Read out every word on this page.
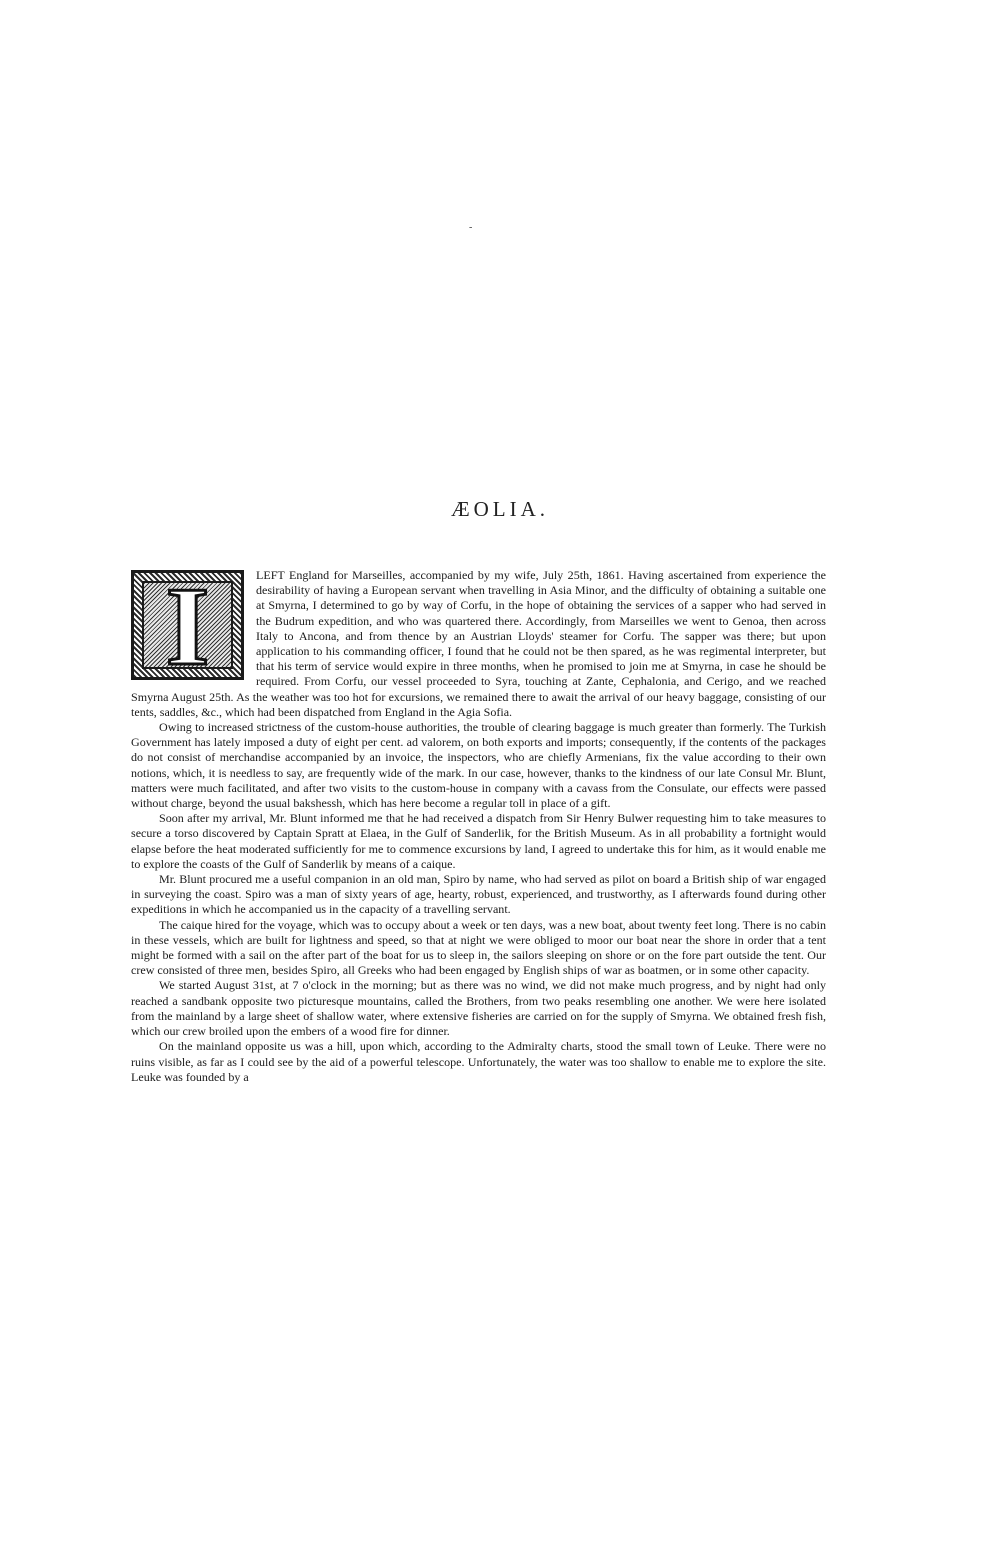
-
ÆOLIA.
I	LEFT England for Marseilles, accompanied by my wife, July 25th, 1861. Having ascertained from experience the desirability of having a European servant when travelling in Asia Minor, and the difficulty of obtaining a suitable one at Smyrna, I determined to go by way of Corfu, in the hope of obtaining the services of a sapper who had served in the Budrum expedition, and who was quartered there. Accordingly, from Marseilles we went to Genoa, then across Italy to Ancona, and from thence by an Austrian Lloyds' steamer for Corfu. The sapper was there; but upon application to his commanding officer, I found that he could not be then spared, as he was regimental interpreter, but that his term of service would expire in three months, when he promised to join me at Smyrna, in case he should be required. From Corfu, our vessel proceeded to Syra, touching at Zante, Cephalonia, and Cerigo, and we reached Smyrna August 25th. As the weather was too hot for excursions, we remained there to await the arrival of our heavy baggage, consisting of our tents, saddles, &c., which had been dispatched from England in the Agia Sofia.

Owing to increased strictness of the custom-house authorities, the trouble of clearing baggage is much greater than formerly. The Turkish Government has lately imposed a duty of eight per cent. ad valorem, on both exports and imports; consequently, if the contents of the packages do not consist of merchandise accompanied by an invoice, the inspectors, who are chiefly Armenians, fix the value according to their own notions, which, it is needless to say, are frequently wide of the mark. In our case, however, thanks to the kindness of our late Consul Mr. Blunt, matters were much facilitated, and after two visits to the custom-house in company with a cavass from the Consulate, our effects were passed without charge, beyond the usual bakshessh, which has here become a regular toll in place of a gift.

Soon after my arrival, Mr. Blunt informed me that he had received a dispatch from Sir Henry Bulwer requesting him to take measures to secure a torso discovered by Captain Spratt at Elaea, in the Gulf of Sanderlik, for the British Museum. As in all probability a fortnight would elapse before the heat moderated sufficiently for me to commence excursions by land, I agreed to undertake this for him, as it would enable me to explore the coasts of the Gulf of Sanderlik by means of a caique.

Mr. Blunt procured me a useful companion in an old man, Spiro by name, who had served as pilot on board a British ship of war engaged in surveying the coast. Spiro was a man of sixty years of age, hearty, robust, experienced, and trustworthy, as I afterwards found during other expeditions in which he accompanied us in the capacity of a travelling servant.

The caique hired for the voyage, which was to occupy about a week or ten days, was a new boat, about twenty feet long. There is no cabin in these vessels, which are built for lightness and speed, so that at night we were obliged to moor our boat near the shore in order that a tent might be formed with a sail on the after part of the boat for us to sleep in, the sailors sleeping on shore or on the fore part outside the tent. Our crew consisted of three men, besides Spiro, all Greeks who had been engaged by English ships of war as boatmen, or in some other capacity.

We started August 31st, at 7 o'clock in the morning; but as there was no wind, we did not make much progress, and by night had only reached a sandbank opposite two picturesque mountains, called the Brothers, from two peaks resembling one another. We were here isolated from the mainland by a large sheet of shallow water, where extensive fisheries are carried on for the supply of Smyrna. We obtained fresh fish, which our crew broiled upon the embers of a wood fire for dinner.

On the mainland opposite us was a hill, upon which, according to the Admiralty charts, stood the small town of Leuke. There were no ruins visible, as far as I could see by the aid of a powerful telescope. Unfortunately, the water was too shallow to enable me to explore the site. Leuke was founded by a
